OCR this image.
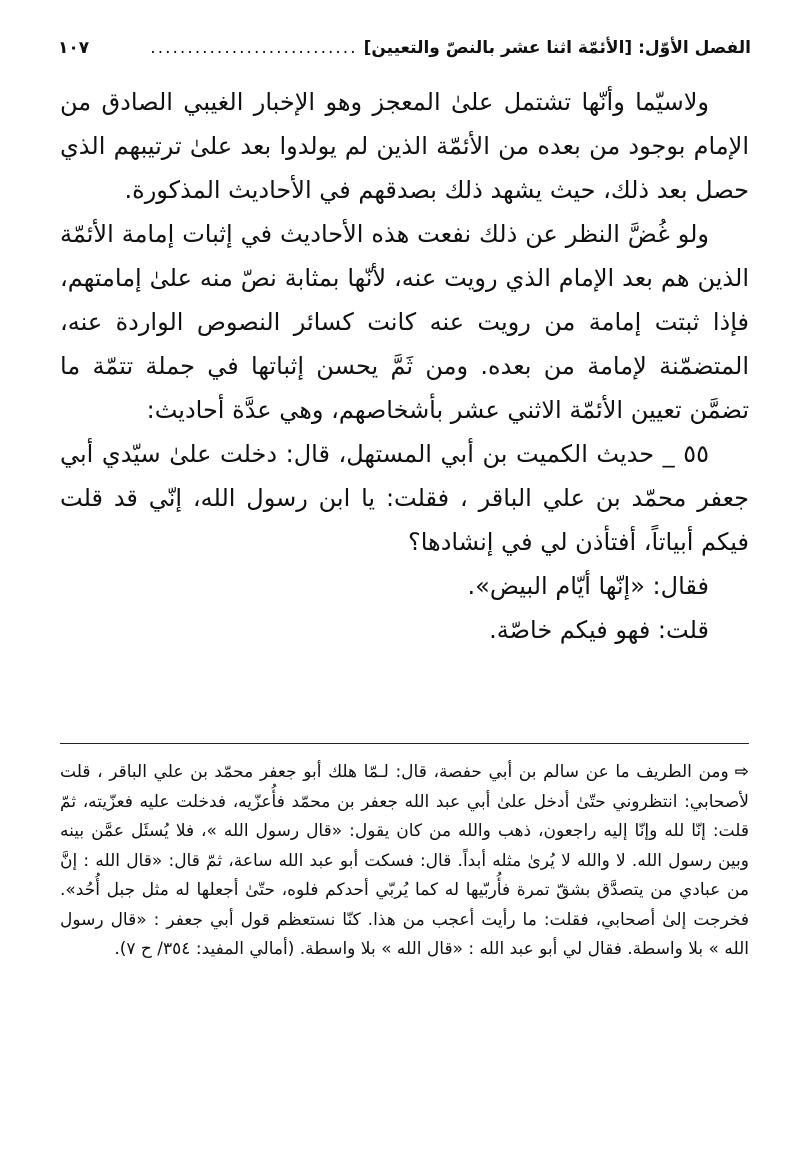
الفصل الأوّل: [الأئمّة اثنا عشر بالنصّ والتعيين]
............................
١٠٧

ولاسيّما وأنّها تشتمل علىٰ المعجز وهو الإخبار الغيبي الصادق من الإمام بوجود من بعده من الأئمّة الذين لم يولدوا بعد علىٰ ترتيبهم الذي حصل بعد ذلك، حيث يشهد ذلك بصدقهم في الأحاديث المذكورة.

ولو غُضَّ النظر عن ذلك نفعت هذه الأحاديث في إثبات إمامة الأئمّة الذين هم بعد الإمام الذي رويت عنه، لأنّها بمثابة نصّ منه علىٰ إمامتهم، فإذا ثبتت إمامة من رويت عنه كانت كسائر النصوص الواردة عنه، المتضمّنة لإمامة من بعده. ومن ثَمَّ يحسن إثباتها في جملة تتمّة ما تضمَّن تعيين الأئمّة الاثني عشر بأشخاصهم، وهي عدَّة أحاديث:

٥٥ _ حديث الكميت بن أبي المستهل، قال: دخلت علىٰ سيّدي أبي جعفر محمّد بن علي الباقر ، فقلت: يا ابن رسول الله، إنّي قد قلت فيكم أبياتاً، أفتأذن لي في إنشادها؟

فقال: «إنّها أيّام البيض».

قلت: فهو فيكم خاصّة.

⇨ومن الطريف ما عن سالم بن أبي حفصة، قال: لـمّا هلك أبو جعفر محمّد بن علي الباقر ، قلت لأصحابي: انتظروني حتّىٰ أدخل علىٰ أبي عبد الله جعفر بن محمّد فأُعزّيه، فدخلت عليه فعزّيته، ثمّ قلت: إنّا لله وإنّا إليه راجعون، ذهب والله من كان يقول: «قال رسول الله »، فلا يُسئَل عمَّن بينه وبين رسول الله. لا والله لا يُرىٰ مثله أبداً. قال: فسكت أبو عبد الله ساعة، ثمّ قال: «قال الله : إنَّ من عبادي من يتصدَّق بشقّ تمرة فأُربّيها له كما يُربّي أحدكم فلوه، حتّىٰ أجعلها له مثل جبل أُحُد». فخرجت إلىٰ أصحابي، فقلت: ما رأيت أعجب من هذا. كنّا نستعظم قول أبي جعفر : «قال رسول الله » بلا واسطة. فقال لي أبو عبد الله : «قال الله » بلا واسطة. (أمالي المفيد: ٣٥٤/ ح ٧).
